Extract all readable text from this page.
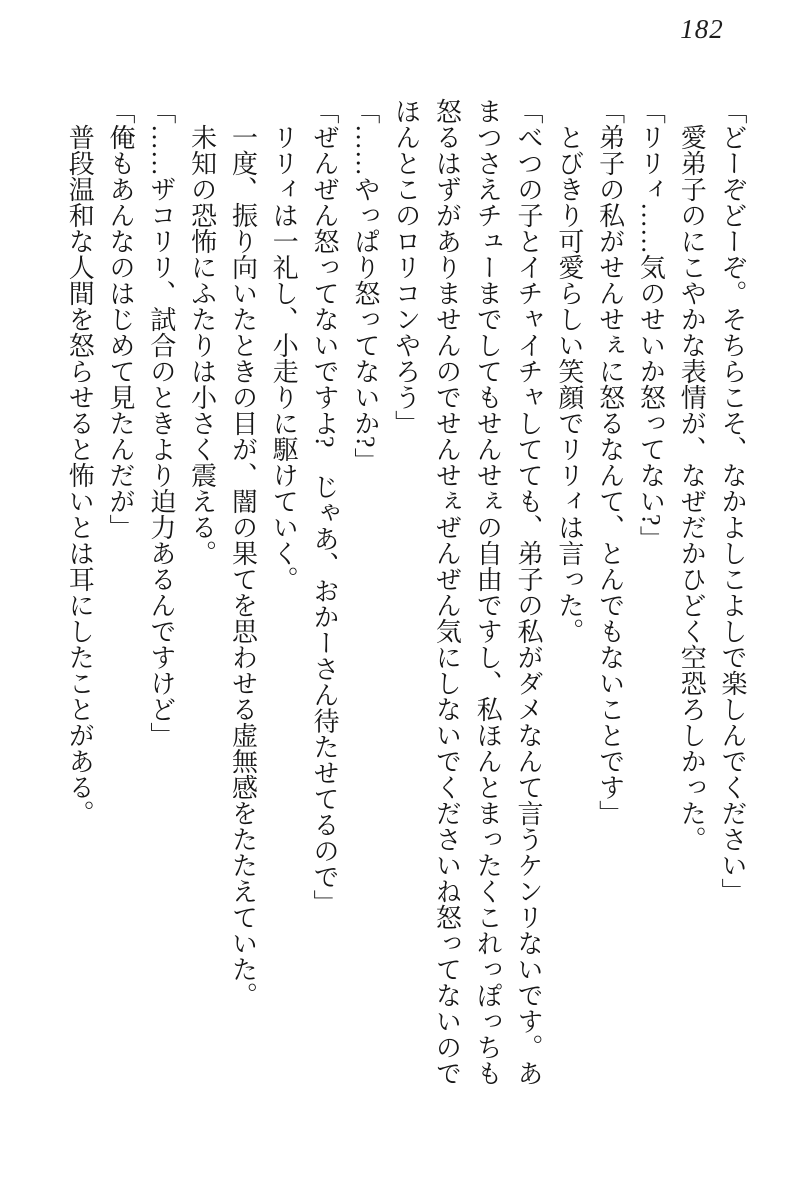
182

「どーぞどーぞ。そちらこそ、なかよしこよしで楽しんでください」

愛弟子のにこやかな表情が、なぜだかひどく空恐ろしかった。

「リリィ……気のせいか怒ってない?」

「弟子の私がせんせぇに怒るなんて、とんでもないことです」

とびきり可愛らしい笑顔でリリィは言った。

「べつの子とイチャイチャしてても、弟子の私がダメなんて言うケンリないです。あ

まつさえチューまでしてもせんせぇの自由ですし、私ほんとまったくこれっぽっちも

怒るはずがありませんのでせんせぇぜんぜん気にしないでくださいね怒ってないので

ほんとこのロリコンやろう」

「……やっぱり怒ってないか?」

「ぜんぜん怒ってないですよ?　じゃあ、おかーさん待たせてるので」

リリィは一礼し、小走りに駆けていく。

一度、振り向いたときの目が、闇の果てを思わせる虚無感をたたえていた。

未知の恐怖にふたりは小さく震える。

「……ザコリリ、試合のときより迫力あるんですけど」

「俺もあんなのはじめて見たんだが」

普段温和な人間を怒らせると怖いとは耳にしたことがある。
